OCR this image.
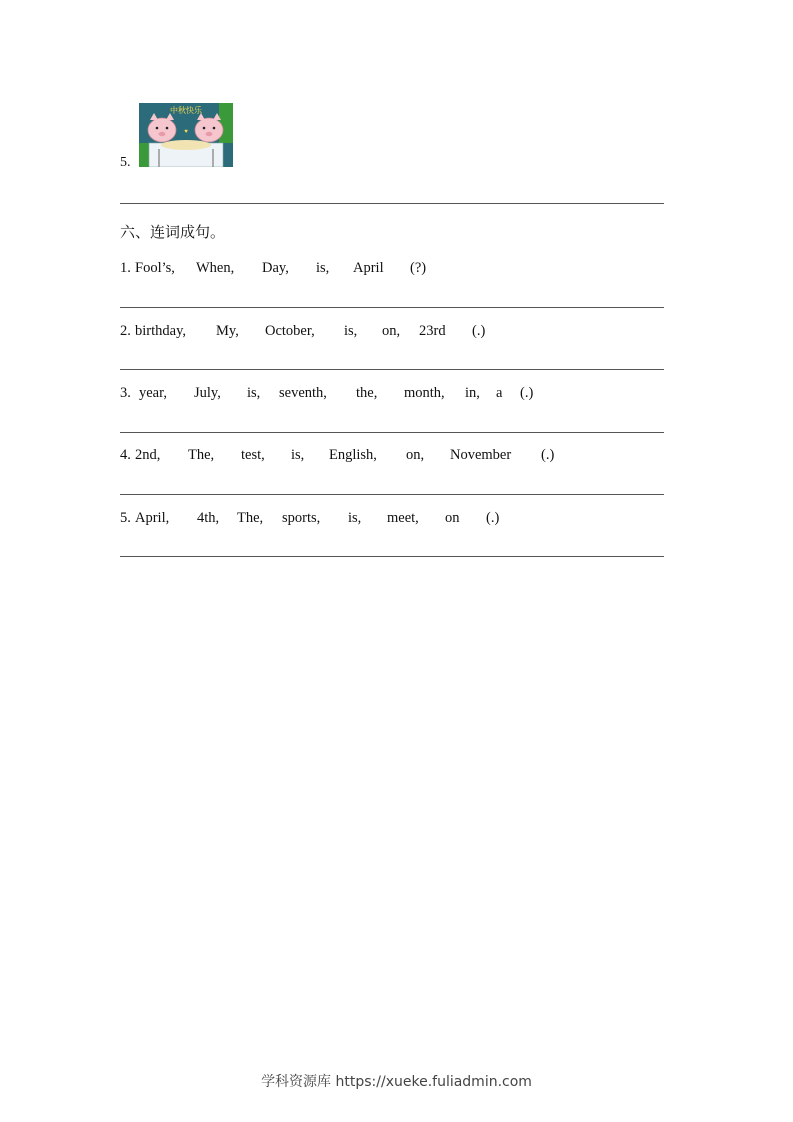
5.
中秋快乐
♥
六、连词成句。
1. Fool’s, When, Day, is, April (?)
2. birthday, My, October, is, on, 23rd (.)
3. year, July, is, seventh, the, month, in, a (.)
4. 2nd, The, test, is, English, on, November (.)
5. April, 4th, The, sports, is, meet, on (.)
学科资源库 https://xueke.fuliadmin.com
